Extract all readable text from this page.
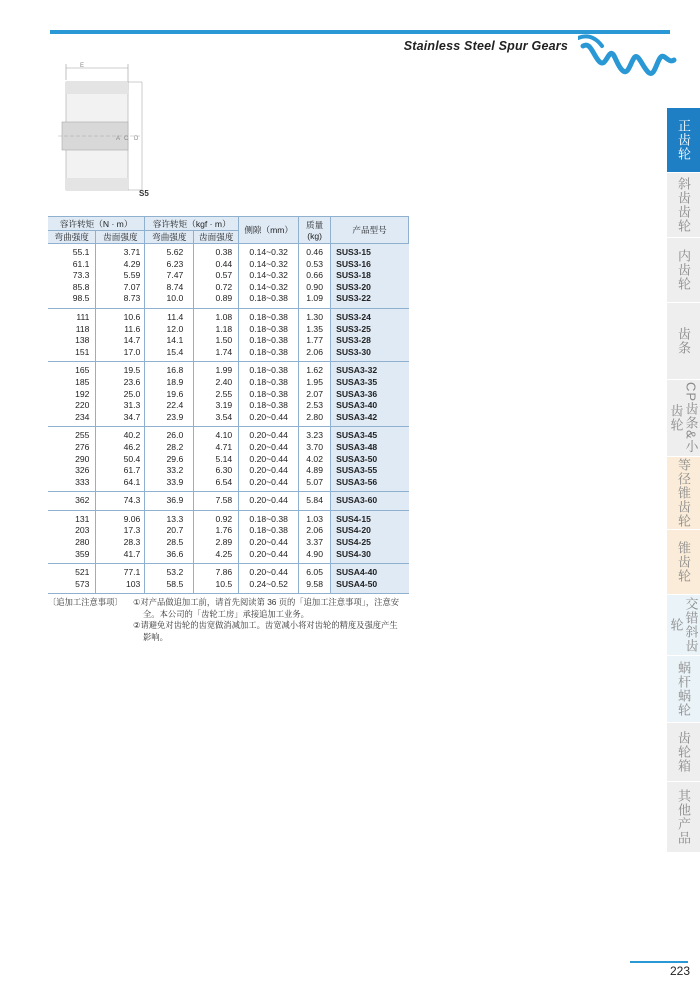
Stainless Steel Spur Gears
E
A C D
S5
容许转矩（N · m）		容许转矩（kgf · m）		侧隙（mm）	质量
(kg)	产品型号
弯曲强度	齿面强度	弯曲强度	齿面强度			
55.1	3.71	5.62	0.38	0.14~0.32	0.46	SUS3-15
61.1	4.29	6.23	0.44	0.14~0.32	0.53	SUS3-16
73.3	5.59	7.47	0.57	0.14~0.32	0.66	SUS3-18
85.8	7.07	8.74	0.72	0.14~0.32	0.90	SUS3-20
98.5	8.73	10.0	0.89	0.18~0.38	1.09	SUS3-22
111	10.6	11.4	1.08	0.18~0.38	1.30	SUS3-24
118	11.6	12.0	1.18	0.18~0.38	1.35	SUS3-25
138	14.7	14.1	1.50	0.18~0.38	1.77	SUS3-28
151	17.0	15.4	1.74	0.18~0.38	2.06	SUS3-30
165	19.5	16.8	1.99	0.18~0.38	1.62	SUSA3-32
185	23.6	18.9	2.40	0.18~0.38	1.95	SUSA3-35
192	25.0	19.6	2.55	0.18~0.38	2.07	SUSA3-36
220	31.3	22.4	3.19	0.18~0.38	2.53	SUSA3-40
234	34.7	23.9	3.54	0.20~0.44	2.80	SUSA3-42
255	40.2	26.0	4.10	0.20~0.44	3.23	SUSA3-45
276	46.2	28.2	4.71	0.20~0.44	3.70	SUSA3-48
290	50.4	29.6	5.14	0.20~0.44	4.02	SUSA3-50
326	61.7	33.2	6.30	0.20~0.44	4.89	SUSA3-55
333	64.1	33.9	6.54	0.20~0.44	5.07	SUSA3-56
362	74.3	36.9	7.58	0.20~0.44	5.84	SUSA3-60
131	9.06	13.3	0.92	0.18~0.38	1.03	SUS4-15
203	17.3	20.7	1.76	0.18~0.38	2.06	SUS4-20
280	28.3	28.5	2.89	0.20~0.44	3.37	SUS4-25
359	41.7	36.6	4.25	0.20~0.44	4.90	SUS4-30
521	77.1	53.2	7.86	0.20~0.44	6.05	SUSA4-40
573	103	58.5	10.5	0.24~0.52	9.58	SUSA4-50
〔追加工注意事项〕 ①对产品做追加工前，请首先阅读第 36 页的「追加工注意事项」，注意安
全。本公司的「齿轮工房」承接追加工业务。
②请避免对齿轮的齿宽做消减加工。齿宽减小将对齿轮的精度及强度产生
影响。
正齿轮
斜齿齿轮
内齿轮
齿条
CP齿条&小齿轮
等径锥齿轮
锥齿轮
交错斜齿轮
蜗杆蜗轮
齿轮箱
其他产品
223
